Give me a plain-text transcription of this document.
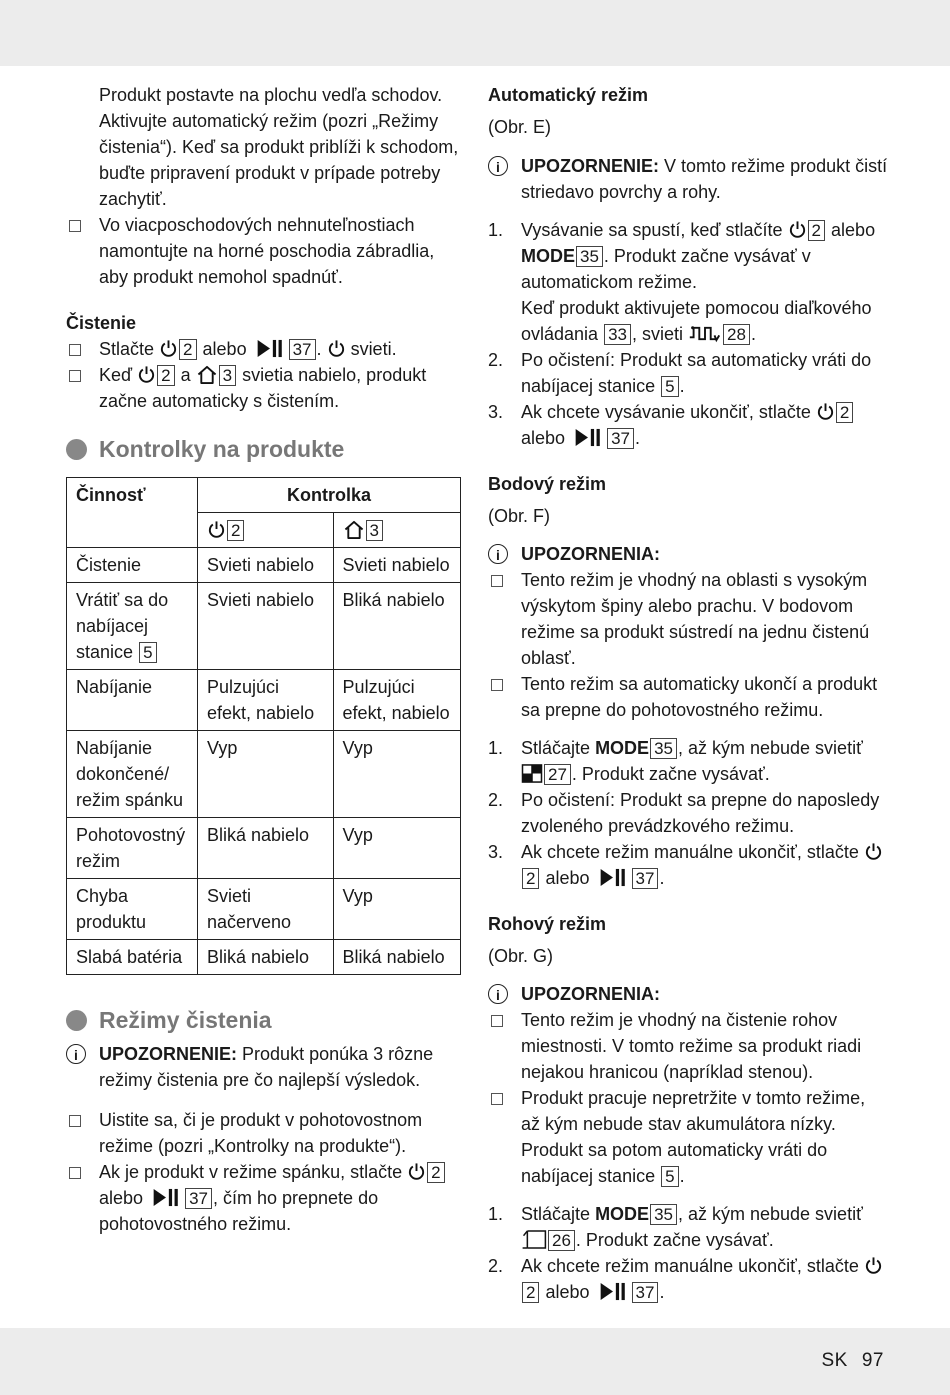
Produkt postavte na plochu vedľa schodov. Aktivujte automatický režim (pozri „Režimy čistenia“). Keď sa produkt priblíži k schodom, buďte pripravení produkt v prípade potreby zachytiť.

Vo viacposchodových nehnuteľnostiach namontujte na horné poschodia zábradlia, aby produkt nemohol spadnúť.

Čistenie

Stlačte 2 alebo	37 . svieti.

Keď 2 a 3 svietia nabielo, produkt začne automaticky s čistením.

Kontrolky na produkte

Činnosť	Kontrolka	
	2	3
Čistenie	Svieti nabielo	Svieti nabielo
Vrátiť sa do nabíjacej stanice 5	Svieti nabielo	Bliká nabielo
Nabíjanie	Pulzujúci efekt, nabielo	Pulzujúci efekt, nabielo
Nabíjanie dokončené/ režim spánku	Vyp	Vyp
Pohotovostný režim	Bliká nabielo	Vyp
Chyba produktu	Svieti načerveno	Vyp
Slabá batéria	Bliká nabielo	Bliká nabielo

Režimy čistenia

i	UPOZORNENIE: Produkt ponúka 3 rôzne režimy čistenia pre čo najlepší výsledok.

Uistite sa, či je produkt v pohotovostnom režime (pozri „Kontrolky na produkte“).

Ak je produkt v režime spánku, stlačte 2 alebo	37 , čím ho prepnete do pohotovostného režimu.

Automatický režim

(Obr. E)

i	UPOZORNENIE: V tomto režime produkt čistí striedavo povrchy a rohy.

1. Vysávanie sa spustí, keď stlačíte 2 alebo MODE 35 . Produkt začne vysávať v automatickom režime.
Keď produkt aktivujete pomocou diaľkového ovládania 33 , svieti	28 .

2. Po očistení: Produkt sa automaticky vráti do nabíjacej stanice 5 .

3. Ak chcete vysávanie ukončiť, stlačte 2 alebo	37 .

Bodový režim

(Obr. F)

i	UPOZORNENIA:

Tento režim je vhodný na oblasti s vysokým výskytom špiny alebo prachu. V bodovom režime sa produkt sústredí na jednu čistenú oblasť.

Tento režim sa automaticky ukončí a produkt sa prepne do pohotovostného režimu.

1. Stláčajte MODE 35 , až kým nebude svietiť 27 . Produkt začne vysávať.

2. Po očistení: Produkt sa prepne do naposledy zvoleného prevádzkového režimu.

3. Ak chcete režim manuálne ukončiť, stlačte 2 alebo	37 .

Rohový režim

(Obr. G)

i	UPOZORNENIA:

Tento režim je vhodný na čistenie rohov miestnosti. V tomto režime sa produkt riadi nejakou hranicou (napríklad stenou).

Produkt pracuje nepretržite v tomto režime, až kým nebude stav akumulátora nízky. Produkt sa potom automaticky vráti do nabíjacej stanice 5 .

1. Stláčajte MODE 35 , až kým nebude svietiť 26 . Produkt začne vysávať.

2. Ak chcete režim manuálne ukončiť, stlačte 2 alebo	37 .

SK 97
